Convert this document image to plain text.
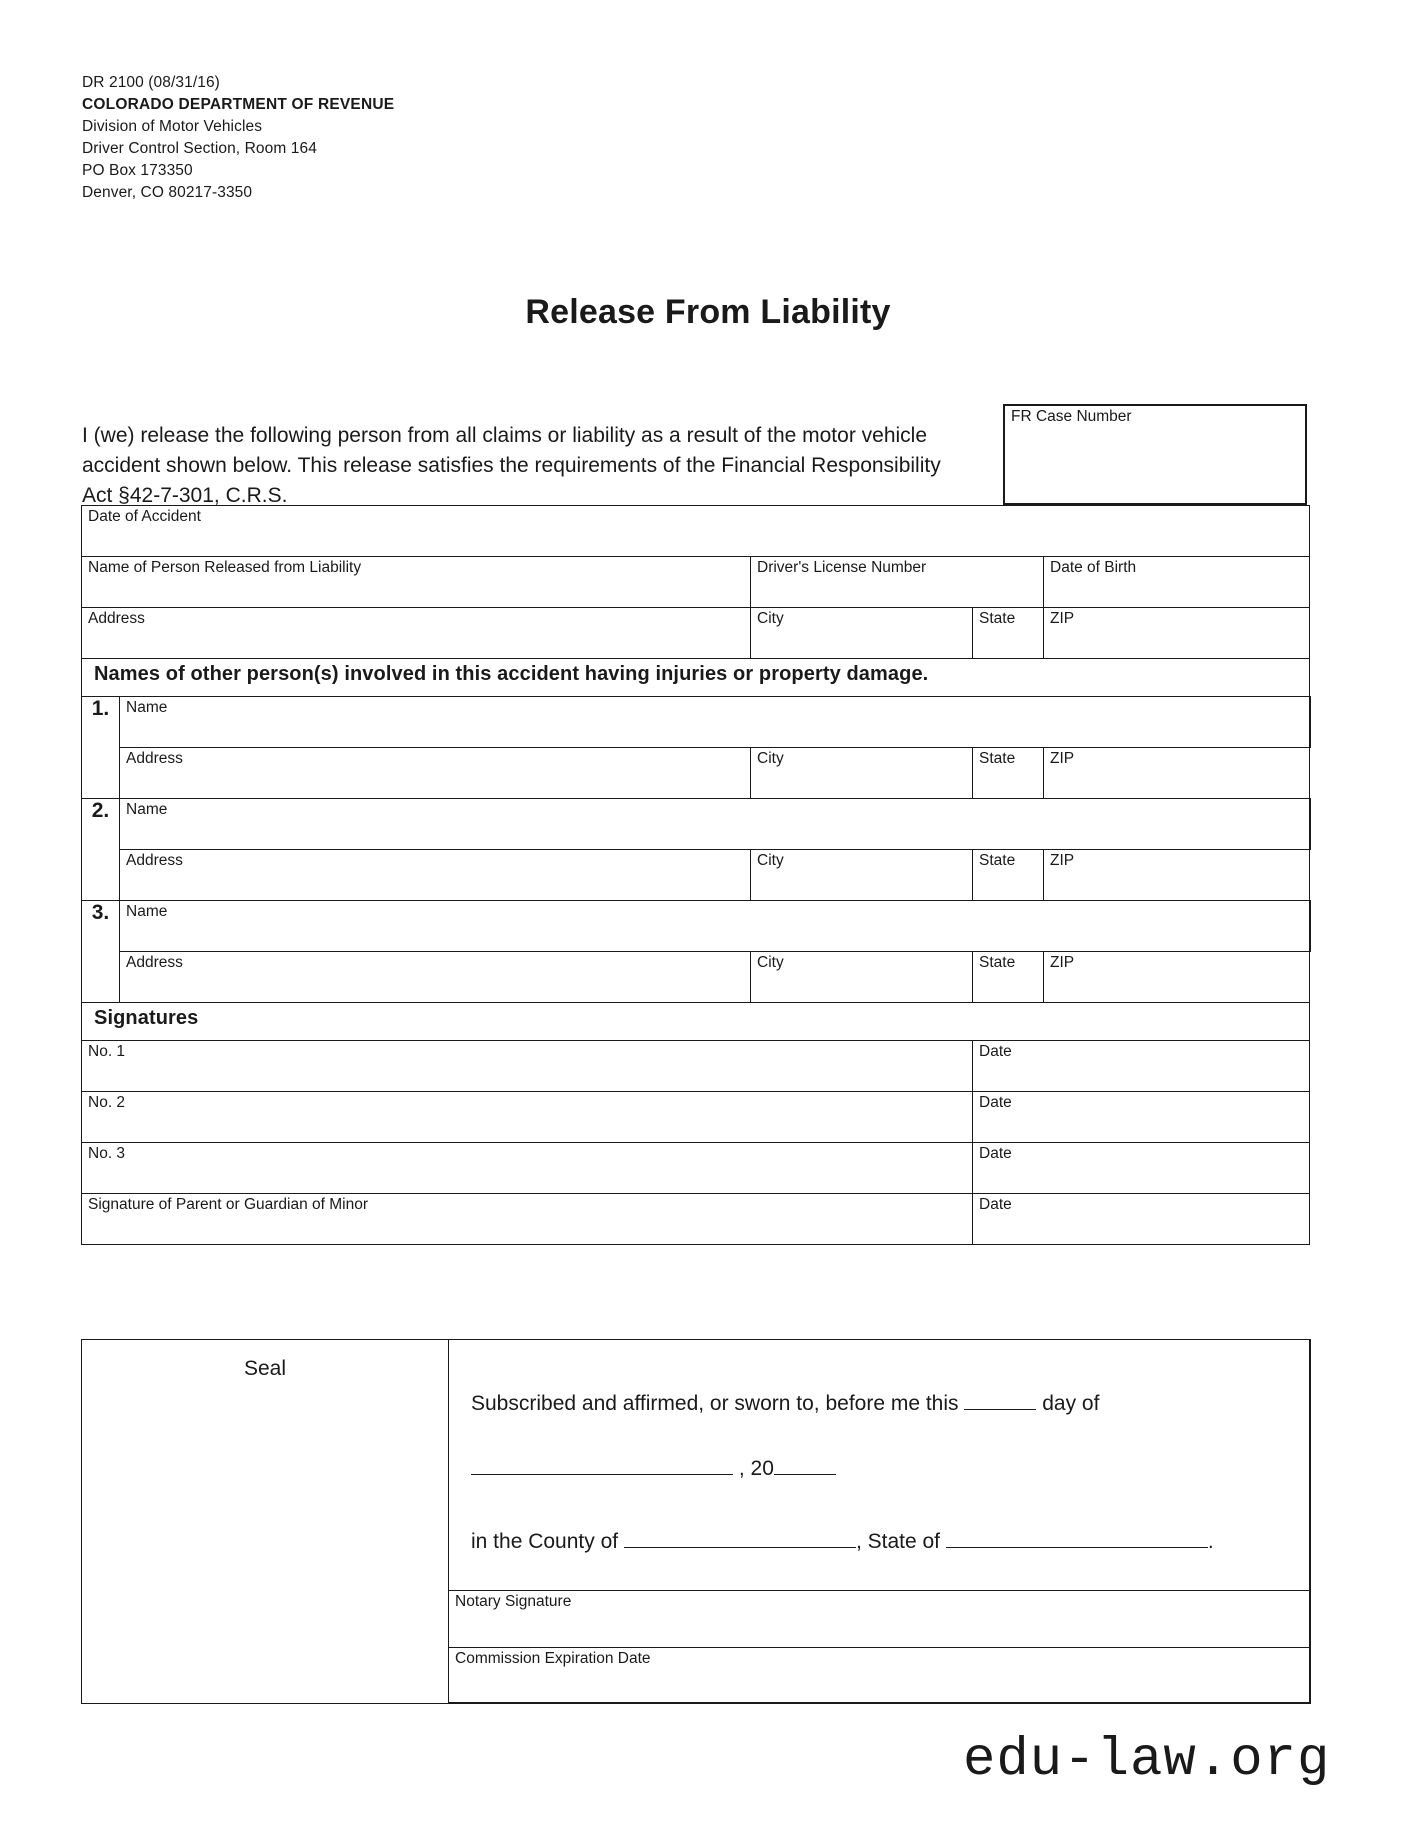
DR 2100 (08/31/16)
COLORADO DEPARTMENT OF REVENUE
Division of Motor Vehicles
Driver Control Section, Room 164
PO Box 173350
Denver, CO 80217-3350
Release From Liability
I (we) release the following person from all claims or liability as a result of the motor vehicle accident shown below. This release satisfies the requirements of the Financial Responsibility Act §42-7-301, C.R.S.
FR Case Number
Date of Accident				

Name of Person Released from Liability		Driver's License Number		Date of Birth

Address		City	State	ZIP

Names of other person(s) involved in this accident having injuries or property damage.				

1.	Name			

	Address	City	State	ZIP

2.	Name			

	Address	City	State	ZIP

3.	Name			

	Address	City	State	ZIP

Signatures				

No. 1			Date	

No. 2			Date	

No. 3			Date	

Signature of Parent or Guardian of Minor			Date	
Seal

Subscribed and affirmed, or sworn to, before me this	day of
, 20
in the County of	, State of	.

Notary Signature

Commission Expiration Date
edu-law.org
